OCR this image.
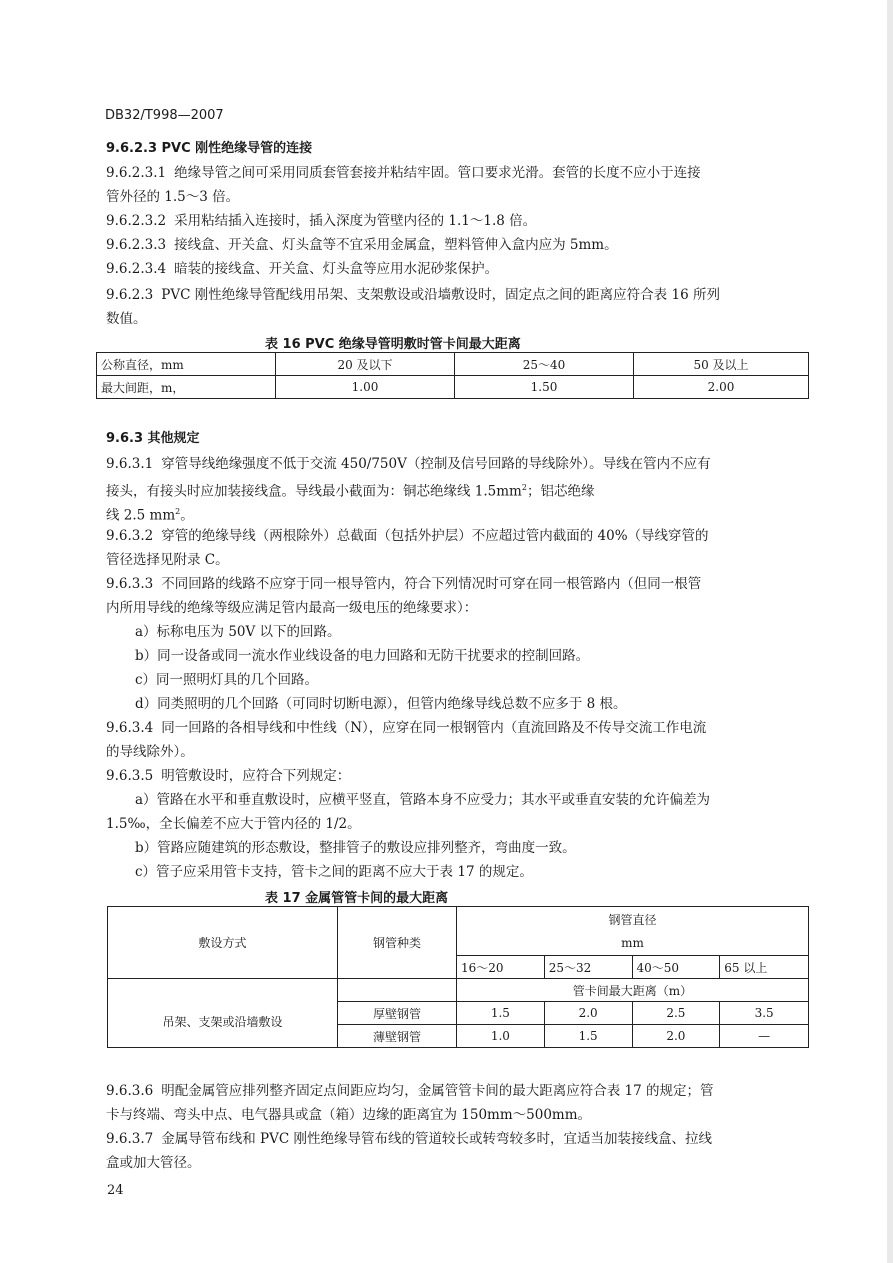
DB32/T998—2007
9.6.2.3 PVC 刚性绝缘导管的连接
9.6.2.3.1 绝缘导管之间可采用同质套管套接并粘结牢固。管口要求光滑。套管的长度不应小于连接
管外径的 1.5～3 倍。
9.6.2.3.2 采用粘结插入连接时，插入深度为管壁内径的 1.1～1.8 倍。
9.6.2.3.3 接线盒、开关盒、灯头盒等不宜采用金属盒，塑料管伸入盒内应为 5mm。
9.6.2.3.4 暗装的接线盒、开关盒、灯头盒等应用水泥砂浆保护。
9.6.2.3 PVC 刚性绝缘导管配线用吊架、支架敷设或沿墙敷设时，固定点之间的距离应符合表 16 所列
数值。
表 16 PVC 绝缘导管明敷时管卡间最大距离
公称直径，mm	20 及以下	25～40	50 及以上
最大间距，m，	1.00	1.50	2.00
9.6.3 其他规定
9.6.3.1 穿管导线绝缘强度不低于交流 450/750V（控制及信号回路的导线除外）。导线在管内不应有
接头，有接头时应加装接线盒。导线最小截面为：铜芯绝缘线 $1.5mm^2$；铝芯绝缘
线 2.5 $mm^2$。
9.6.3.2 穿管的绝缘导线（两根除外）总截面（包括外护层）不应超过管内截面的 40%（导线穿管的
管径选择见附录 C。
9.6.3.3 不同回路的线路不应穿于同一根导管内，符合下列情况时可穿在同一根管路内（但同一根管
内所用导线的绝缘等级应满足管内最高一级电压的绝缘要求）：
a）标称电压为 50V 以下的回路。
b）同一设备或同一流水作业线设备的电力回路和无防干扰要求的控制回路。
c）同一照明灯具的几个回路。
d）同类照明的几个回路（可同时切断电源），但管内绝缘导线总数不应多于 8 根。
9.6.3.4 同一回路的各相导线和中性线（N），应穿在同一根钢管内（直流回路及不传导交流工作电流
的导线除外）。
9.6.3.5 明管敷设时，应符合下列规定：
a）管路在水平和垂直敷设时，应横平竖直，管路本身不应受力；其水平或垂直安装的允许偏差为
1.5‰，全长偏差不应大于管内径的 1/2。
b）管路应随建筑的形态敷设，整排管子的敷设应排列整齐，弯曲度一致。
c）管子应采用管卡支持，管卡之间的距离不应大于表 17 的规定。
表 17 金属管管卡间的最大距离
敷设方式	钢管种类	钢管直径			
		mm			
		16～20	25～32	40～50	65 以上
吊架、支架或沿墙敷设		管卡间最大距离（m）			
	厚壁钢管	1.5	2.0	2.5	3.5
	薄壁钢管	1.0	1.5	2.0	—
9.6.3.6 明配金属管应排列整齐固定点间距应均匀，金属管管卡间的最大距离应符合表 17 的规定；管
卡与终端、弯头中点、电气器具或盒（箱）边缘的距离宜为 150mm～500mm。
9.6.3.7 金属导管布线和 PVC 刚性绝缘导管布线的管道较长或转弯较多时，宜适当加装接线盒、拉线
盒或加大管径。
24
